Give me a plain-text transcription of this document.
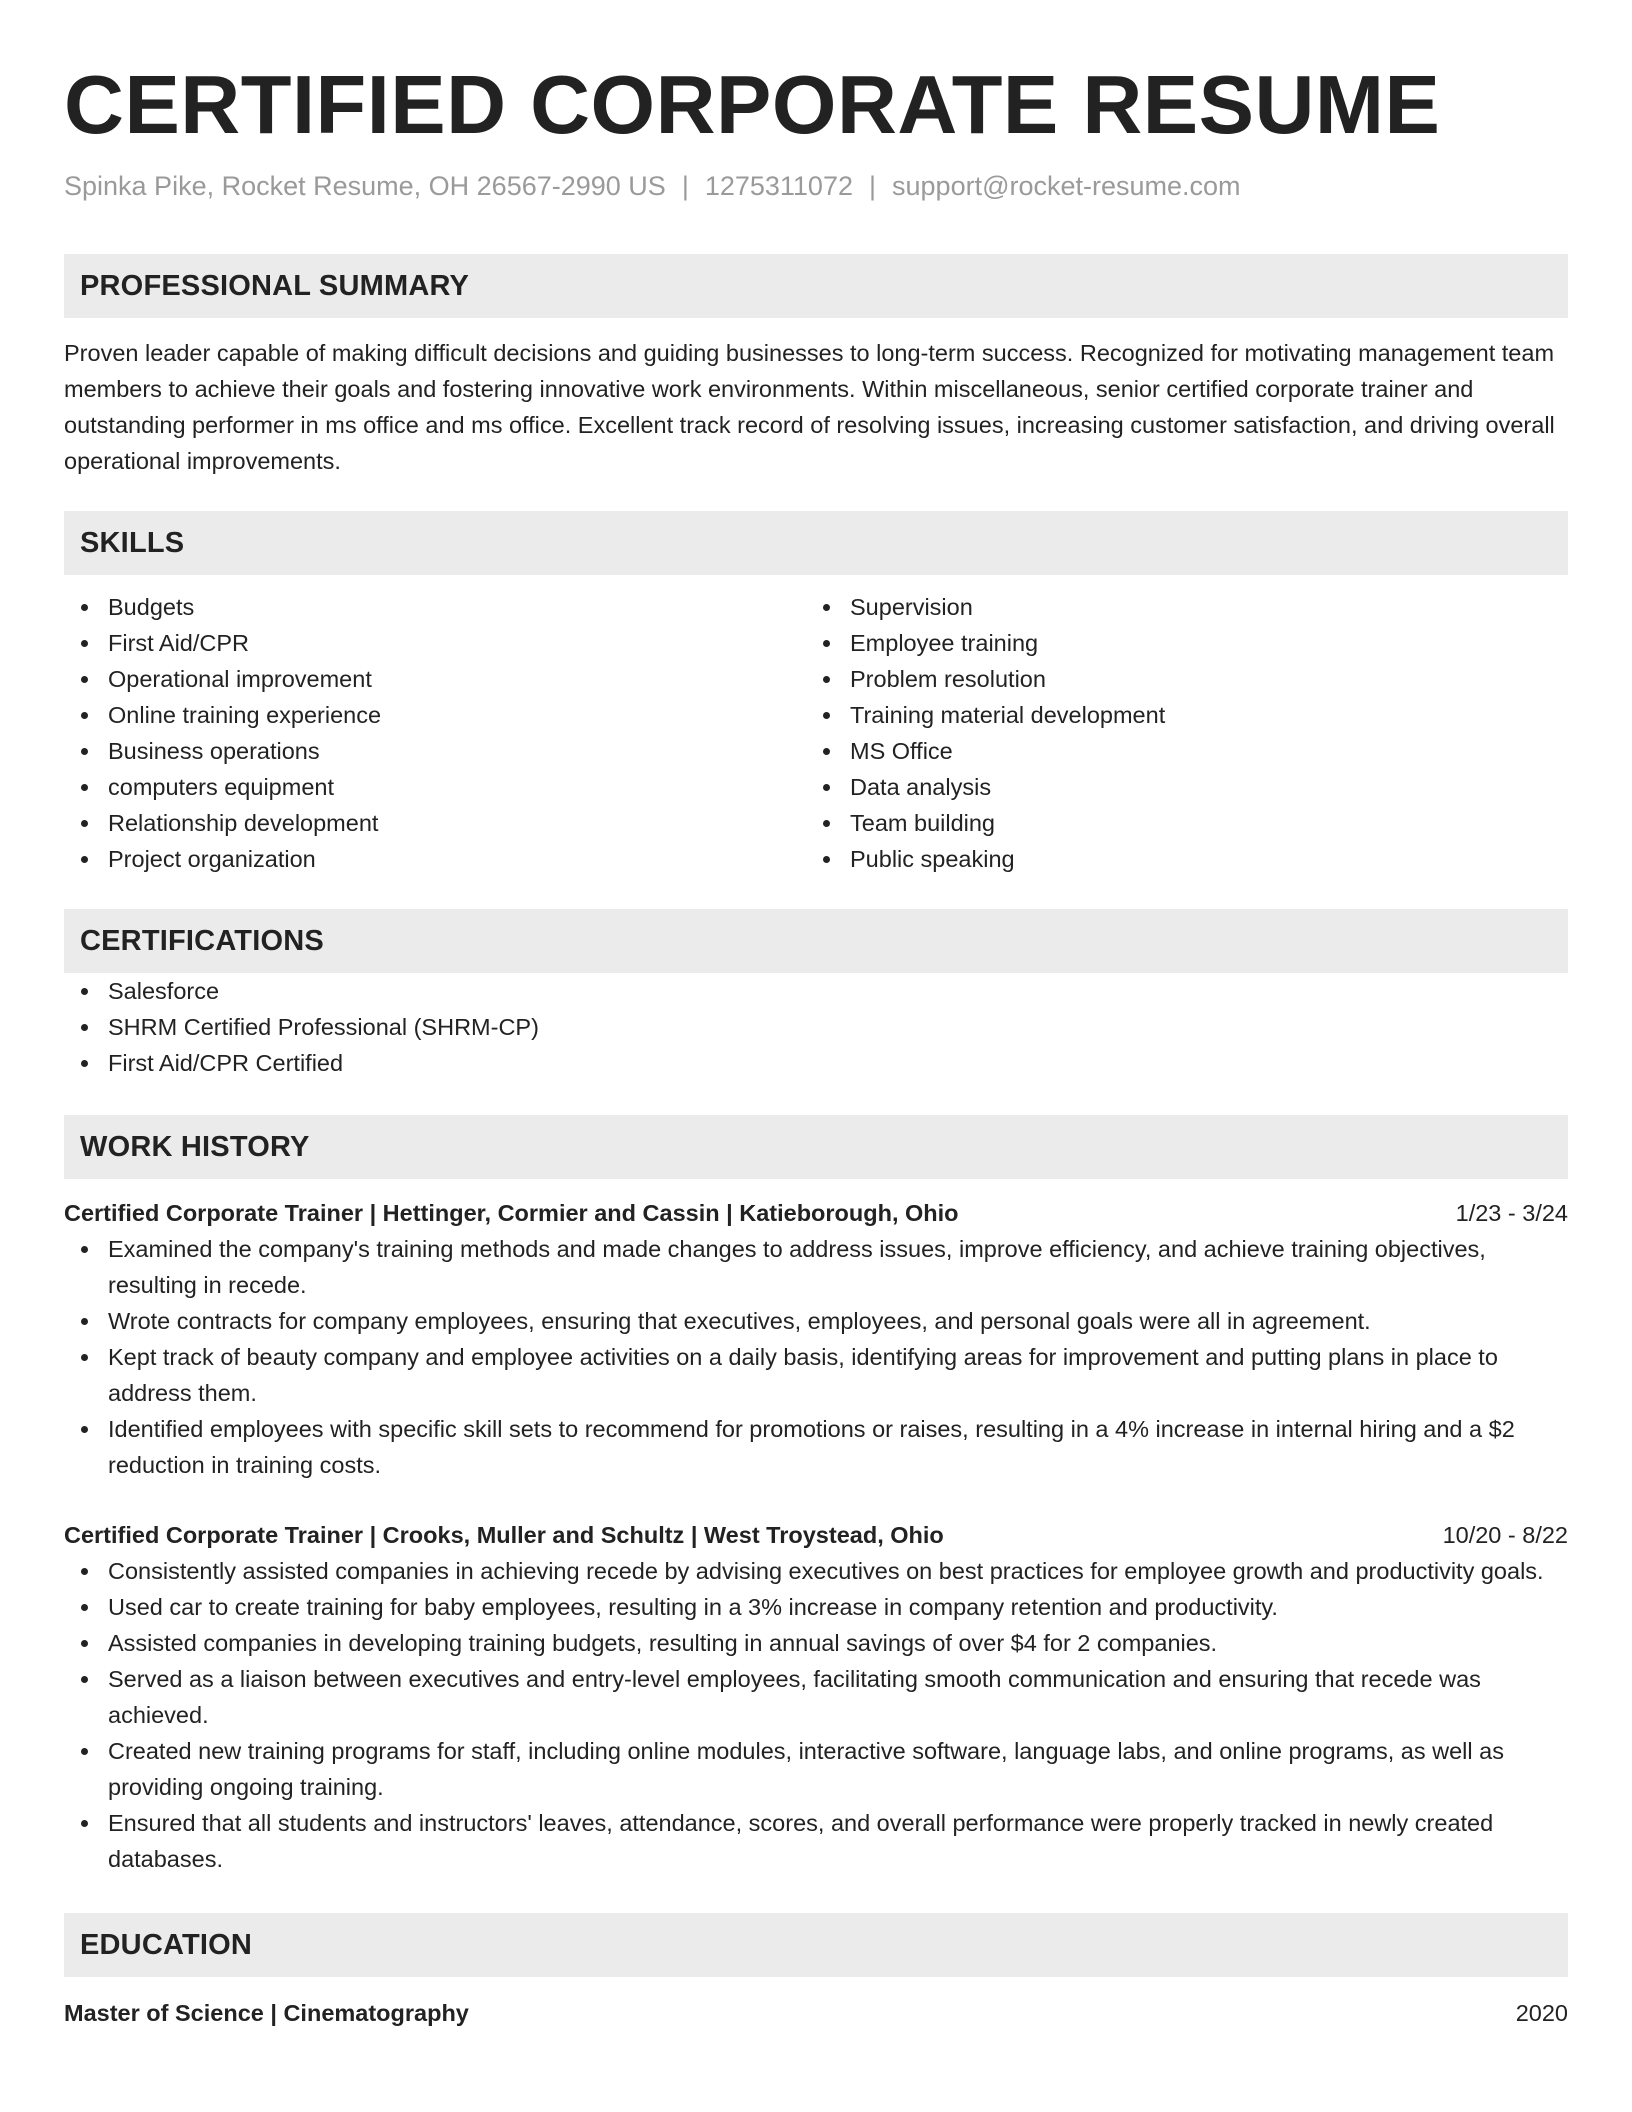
CERTIFIED CORPORATE RESUME
Spinka Pike, Rocket Resume, OH 26567-2990 US | 1275311072 | support@rocket-resume.com
PROFESSIONAL SUMMARY
Proven leader capable of making difficult decisions and guiding businesses to long-term success. Recognized for motivating management team members to achieve their goals and fostering innovative work environments. Within miscellaneous, senior certified corporate trainer and outstanding performer in ms office and ms office. Excellent track record of resolving issues, increasing customer satisfaction, and driving overall operational improvements.
SKILLS
Budgets
First Aid/CPR
Operational improvement
Online training experience
Business operations
computers equipment
Relationship development
Project organization
Supervision
Employee training
Problem resolution
Training material development
MS Office
Data analysis
Team building
Public speaking
CERTIFICATIONS
Salesforce
SHRM Certified Professional (SHRM-CP)
First Aid/CPR Certified
WORK HISTORY
Certified Corporate Trainer | Hettinger, Cormier and Cassin | Katieborough, Ohio	1/23 - 3/24
Examined the company's training methods and made changes to address issues, improve efficiency, and achieve training objectives, resulting in recede.
Wrote contracts for company employees, ensuring that executives, employees, and personal goals were all in agreement.
Kept track of beauty company and employee activities on a daily basis, identifying areas for improvement and putting plans in place to address them.
Identified employees with specific skill sets to recommend for promotions or raises, resulting in a 4% increase in internal hiring and a $2 reduction in training costs.
Certified Corporate Trainer | Crooks, Muller and Schultz | West Troystead, Ohio	10/20 - 8/22
Consistently assisted companies in achieving recede by advising executives on best practices for employee growth and productivity goals.
Used car to create training for baby employees, resulting in a 3% increase in company retention and productivity.
Assisted companies in developing training budgets, resulting in annual savings of over $4 for 2 companies.
Served as a liaison between executives and entry-level employees, facilitating smooth communication and ensuring that recede was achieved.
Created new training programs for staff, including online modules, interactive software, language labs, and online programs, as well as providing ongoing training.
Ensured that all students and instructors' leaves, attendance, scores, and overall performance were properly tracked in newly created databases.
EDUCATION
Master of Science | Cinematography	2020
